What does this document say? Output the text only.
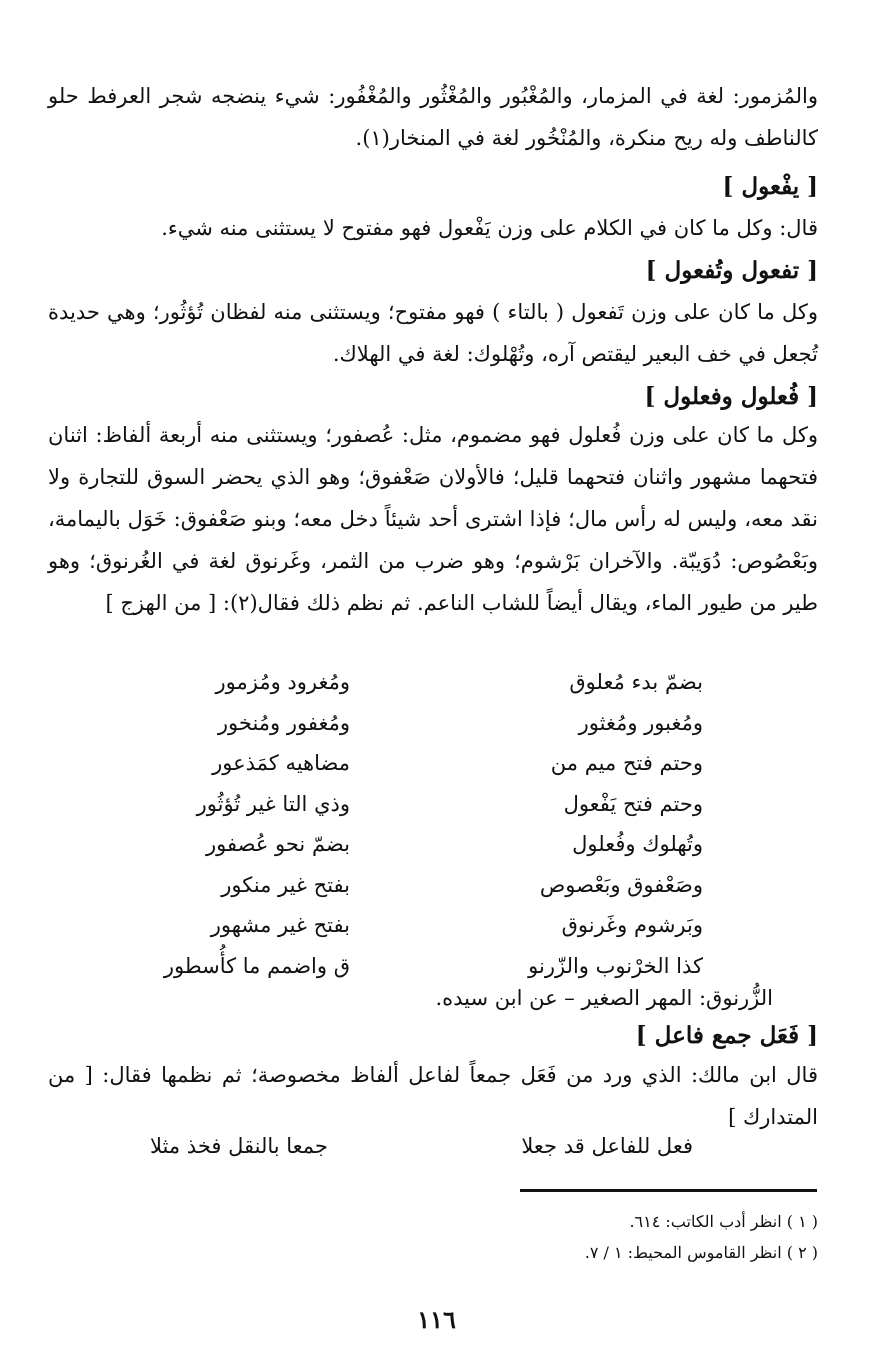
والمُزمور: لغة في المزمار، والمُغْبُور والمُغْثُور والمُغْفُور: شيء ينضجه شجر العرفط حلو كالناطف وله ريح منكرة، والمُنْخُور لغة في المنخار(١).
[ يفْعول ]
قال: وكل ما كان في الكلام على وزن يَفْعول فهو مفتوح لا يستثنى منه شيء.
[ تفعول وتُفعول ]
وكل ما كان على وزن تَفعول ( بالتاء ) فهو مفتوح؛ ويستثنى منه لفظان تُؤثُور؛ وهي حديدة تُجعل في خف البعير ليقتص آره، وتُهْلوك: لغة في الهلاك.
[ فُعلول وفعلول ]
وكل ما كان على وزن فُعلول فهو مضموم، مثل: عُصفور؛ ويستثنى منه أربعة ألفاظ: اثنان فتحهما مشهور واثنان فتحهما قليل؛ فالأولان صَعْفوق؛ وهو الذي يحضر السوق للتجارة ولا نقد معه، وليس له رأس مال؛ فإذا اشترى أحد شيئاً دخل معه؛ وبنو صَعْفوق: خَوَل باليمامة، وبَعْصُوص: دُوَيبّة. والآخران بَرْشوم؛ وهو ضرب من الثمر، وغَرنوق لغة في الغُرنوق؛ وهو طير من طيور الماء، ويقال أيضاً للشاب الناعم. ثم نظم ذلك فقال(٢): [ من الهزج ]
بضمّ بدء مُعلوق
ومُغرود ومُزمور
ومُغبور ومُغثور
ومُغفور ومُنخور
وحتم فتح ميم من
مضاهيه كمَذعور
وحتم فتح يَفْعول
وذي التا غير تُؤثُور
وتُهلوك وفُعلول
بضمّ نحو عُصفور
وصَعْفوق وبَعْصوص
بفتح غير منكور
وبَرشوم وغَرنوق
بفتح غير مشهور
كذا الخرْنوب والزّرنو
ق واضمم ما كأُسطور
الزُّرنوق: المهر الصغير – عن ابن سيده.
[ فَعَل جمع فاعل ]
قال ابن مالك: الذي ورد من فَعَل جمعاً لفاعل ألفاظ مخصوصة؛ ثم نظمها فقال: [ من المتدارك ]
فعل للفاعل قد جعلا
جمعا بالنقل فخذ مثلا
( ١ ) انظر أدب الكاتب: ٦١٤.
( ٢ ) انظر القاموس المحيط: ١ / ٧.
١١٦
